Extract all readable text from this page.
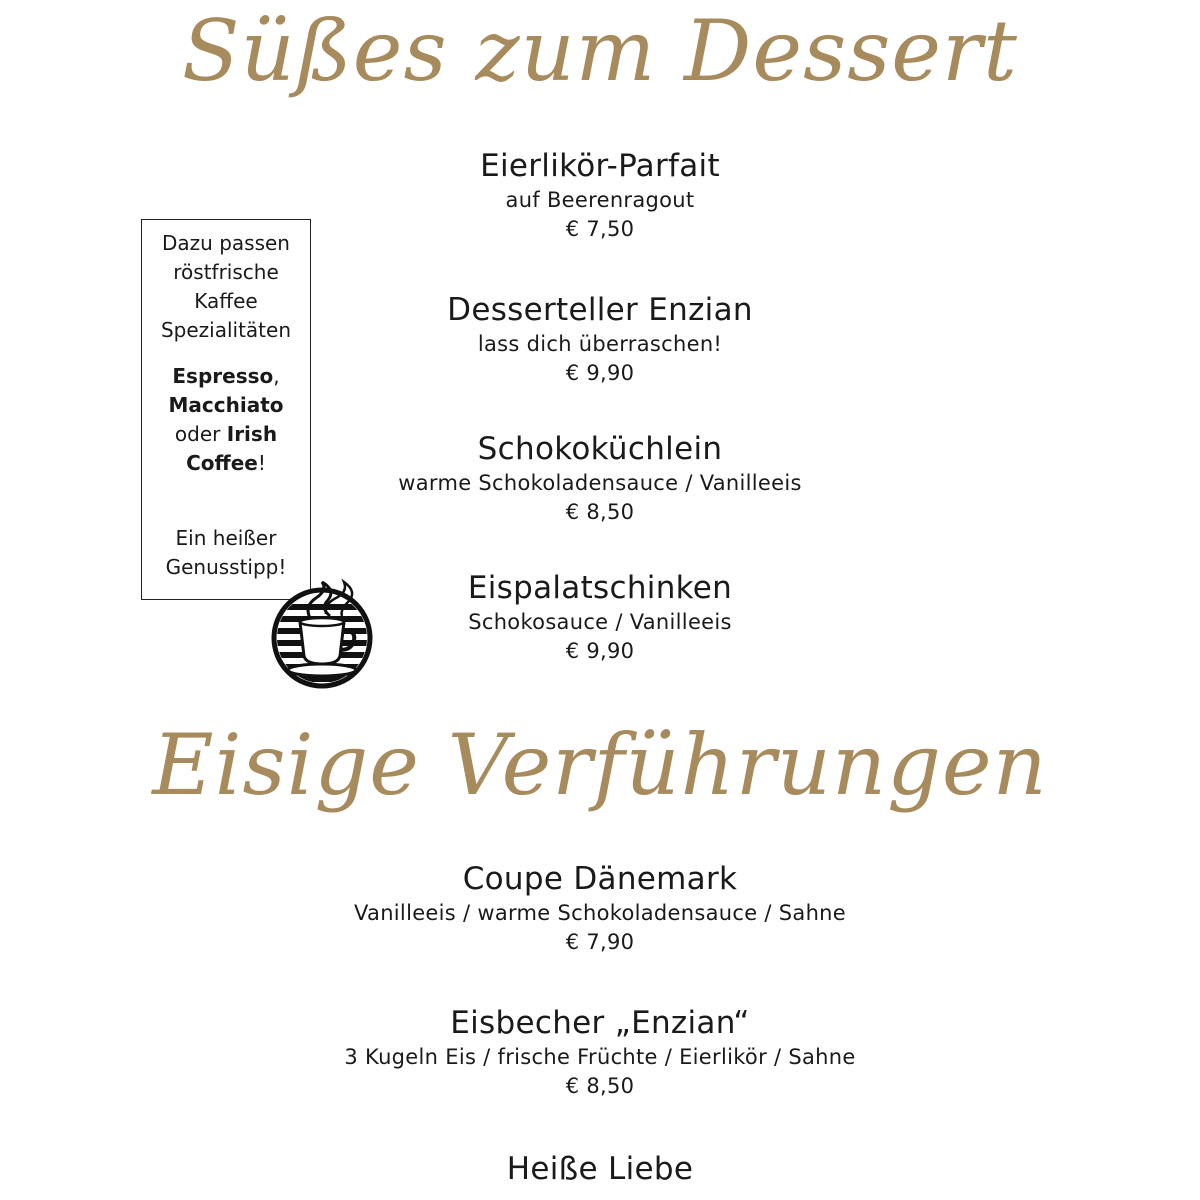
Süßes zum Dessert
Eierlikör-Parfait
auf Beerenragout
€ 7,50
Desserteller Enzian
lass dich überraschen!
€ 9,90
Schokoküchlein
warme Schokoladensauce / Vanilleeis
€ 8,50
Eispalatschinken
Schokosauce / Vanilleeis
€ 9,90

Dazu passen

röstfrische

Kaffee

Spezialitäten

Espresso,

Macchiato

oder Irish

Coffee!

Ein heißer

Genusstipp!

Eisige Verführungen
Coupe Dänemark
Vanilleeis / warme Schokoladensauce / Sahne
€ 7,90
Eisbecher „Enzian“
3 Kugeln Eis / frische Früchte / Eierlikör / Sahne
€ 8,50
Heiße Liebe
